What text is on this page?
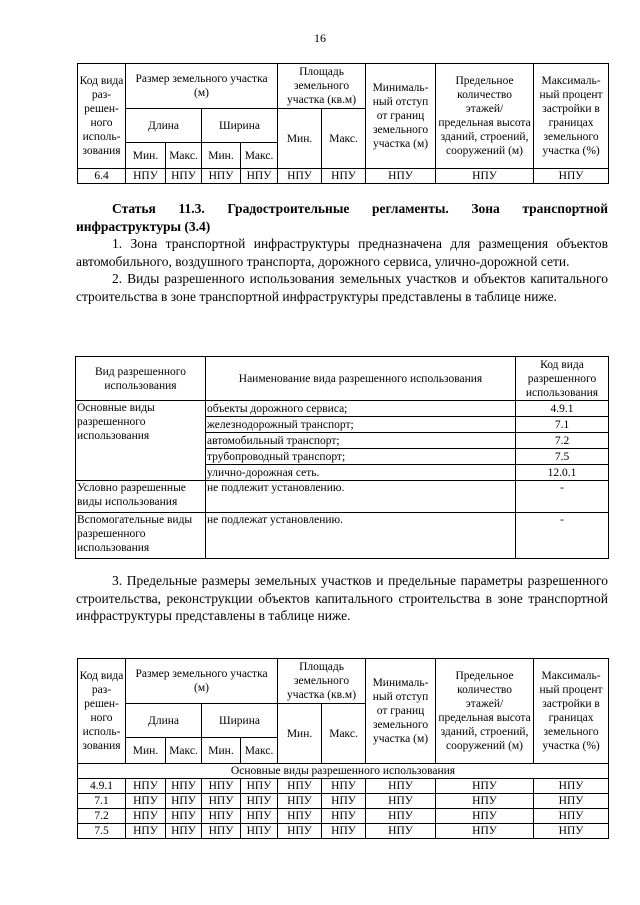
16
Код вида раз-решен-ного исполь-зования	Размер земельного участка (м)				Площадь земельного участка (кв.м)		Минималь-ный отступ от границ земельного участка (м)	Предельное количество этажей/ предельная высота зданий, строений, сооружений (м)	Максималь-ный процент застройки в границах земельного участка (%)
	Длина		Ширина		Мин.	Макс.			
	Мин.	Макс.	Мин.	Макс.					
6.4	НПУ	НПУ	НПУ	НПУ	НПУ	НПУ	НПУ	НПУ	НПУ

Статья 11.3. Градостроительные регламенты. Зона транспортной инфраструктуры (3.4)

1. Зона транспортной инфраструктуры предназначена для размещения объектов автомобильного, воздушного транспорта, дорожного сервиса, улично-дорожной сети.

2. Виды разрешенного использования земельных участков и объектов капитального строительства в зоне транспортной инфраструктуры представлены в таблице ниже.

Вид разрешенного использования	Наименование вида разрешенного использования	Код вида разрешенного использования
Основные виды разрешенного использования	объекты дорожного сервиса;	4.9.1
	железнодорожный транспорт;	7.1
	автомобильный транспорт;	7.2
	трубопроводный транспорт;	7.5
	улично-дорожная сеть.	12.0.1
Условно разрешенные виды использования	не подлежит установлению.	-
Вспомогательные виды разрешенного использования	не подлежат установлению.	-

3. Предельные размеры земельных участков и предельные параметры разрешенного строительства, реконструкции объектов капитального строительства в зоне транспортной инфраструктуры представлены в таблице ниже.

Код вида раз-решен-ного исполь-зования	Размер земельного участка (м)				Площадь земельного участка (кв.м)		Минималь-ный отступ от границ земельного участка (м)	Предельное количество этажей/ предельная высота зданий, строений, сооружений (м)	Максималь-ный процент застройки в границах земельного участка (%)
	Длина		Ширина		Мин.	Макс.			
	Мин.	Макс.	Мин.	Макс.					
Основные виды разрешенного использования									
4.9.1	НПУ	НПУ	НПУ	НПУ	НПУ	НПУ	НПУ	НПУ	НПУ
7.1	НПУ	НПУ	НПУ	НПУ	НПУ	НПУ	НПУ	НПУ	НПУ
7.2	НПУ	НПУ	НПУ	НПУ	НПУ	НПУ	НПУ	НПУ	НПУ
7.5	НПУ	НПУ	НПУ	НПУ	НПУ	НПУ	НПУ	НПУ	НПУ
